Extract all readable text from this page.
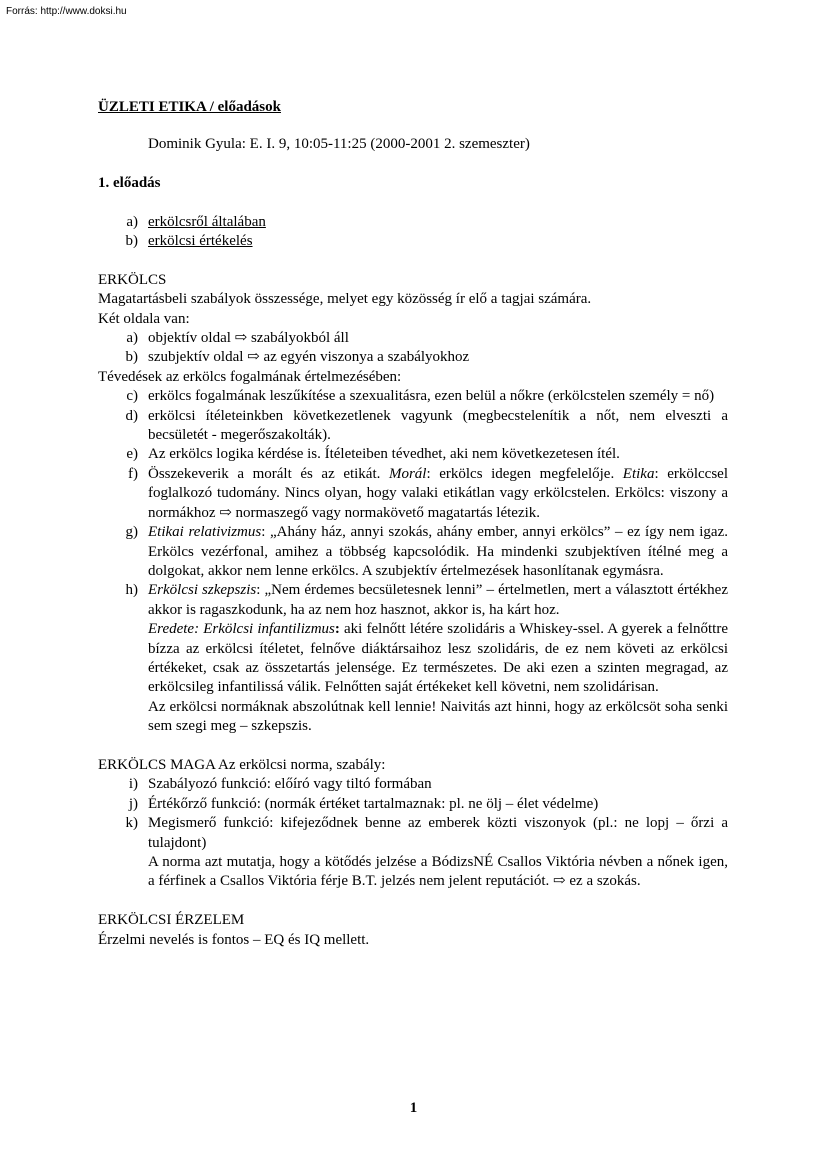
Forrás: http://www.doksi.hu
ÜZLETI ETIKA / előadások
Dominik Gyula: E. I. 9, 10:05-11:25 (2000-2001 2. szemeszter)
1. előadás
a) erkölcsről általában
b) erkölcsi értékelés
ERKÖLCS
Magatartásbeli szabályok összessége, melyet egy közösség ír elő a tagjai számára.
Két oldala van:
a) objektív oldal ⇨ szabályokból áll
b) szubjektív oldal ⇨ az egyén viszonya a szabályokhoz
Tévedések az erkölcs fogalmának értelmezésében:
c) erkölcs fogalmának leszűkítése a szexualitásra, ezen belül a nőkre (erkölcstelen személy = nő)
d) erkölcsi ítéleteinkben következetlenek vagyunk (megbecstelenítik a nőt, nem elveszti a becsületét - megerőszakolták).
e) Az erkölcs logika kérdése is. Ítéleteiben tévedhet, aki nem következetesen ítél.
f) Összekeverik a morált és az etikát. Morál: erkölcs idegen megfelelője. Etika: erkölccsel foglalkozó tudomány. Nincs olyan, hogy valaki etikátlan vagy erkölcstelen. Erkölcs: viszony a normákhoz ⇨ normaszegő vagy normakövető magatartás létezik.
g) Etikai relativizmus: „Ahány ház, annyi szokás, ahány ember, annyi erkölcs” – ez így nem igaz. Erkölcs vezérfonal, amihez a többség kapcsolódik. Ha mindenki szubjektíven ítélné meg a dolgokat, akkor nem lenne erkölcs. A szubjektív értelmezések hasonlítanak egymásra.
h) Erkölcsi szkepszis: „Nem érdemes becsületesnek lenni” – értelmetlen, mert a választott értékhez akkor is ragaszkodunk, ha az nem hoz hasznot, akkor is, ha kárt hoz.
Eredete: Erkölcsi infantilizmus: aki felnőtt létére szolidáris a Whiskey-ssel. A gyerek a felnőttre bízza az erkölcsi ítéletet, felnőve diáktársaihoz lesz szolidáris, de ez nem követi az erkölcsi értékeket, csak az összetartás jelensége. Ez természetes. De aki ezen a szinten megragad, az erkölcsileg infantilissá válik. Felnőtten saját értékeket kell követni, nem szolidárisan.
Az erkölcsi normáknak abszolútnak kell lennie! Naivitás azt hinni, hogy az erkölcsöt soha senki sem szegi meg – szkepszis.
ERKÖLCS MAGA Az erkölcsi norma, szabály:
i) Szabályozó funkció: előíró vagy tiltó formában
j) Értékőrző funkció: (normák értéket tartalmaznak: pl. ne ölj – élet védelme)
k) Megismerő funkció: kifejeződnek benne az emberek közti viszonyok (pl.: ne lopj – őrzi a tulajdont)
A norma azt mutatja, hogy a kötődés jelzése a BódizsNÉ Csallos Viktória névben a nőnek igen, a férfinek a Csallos Viktória férje B.T. jelzés nem jelent reputációt. ⇨ ez a szokás.
ERKÖLCSI ÉRZELEM
Érzelmi nevelés is fontos – EQ és IQ mellett.
1
